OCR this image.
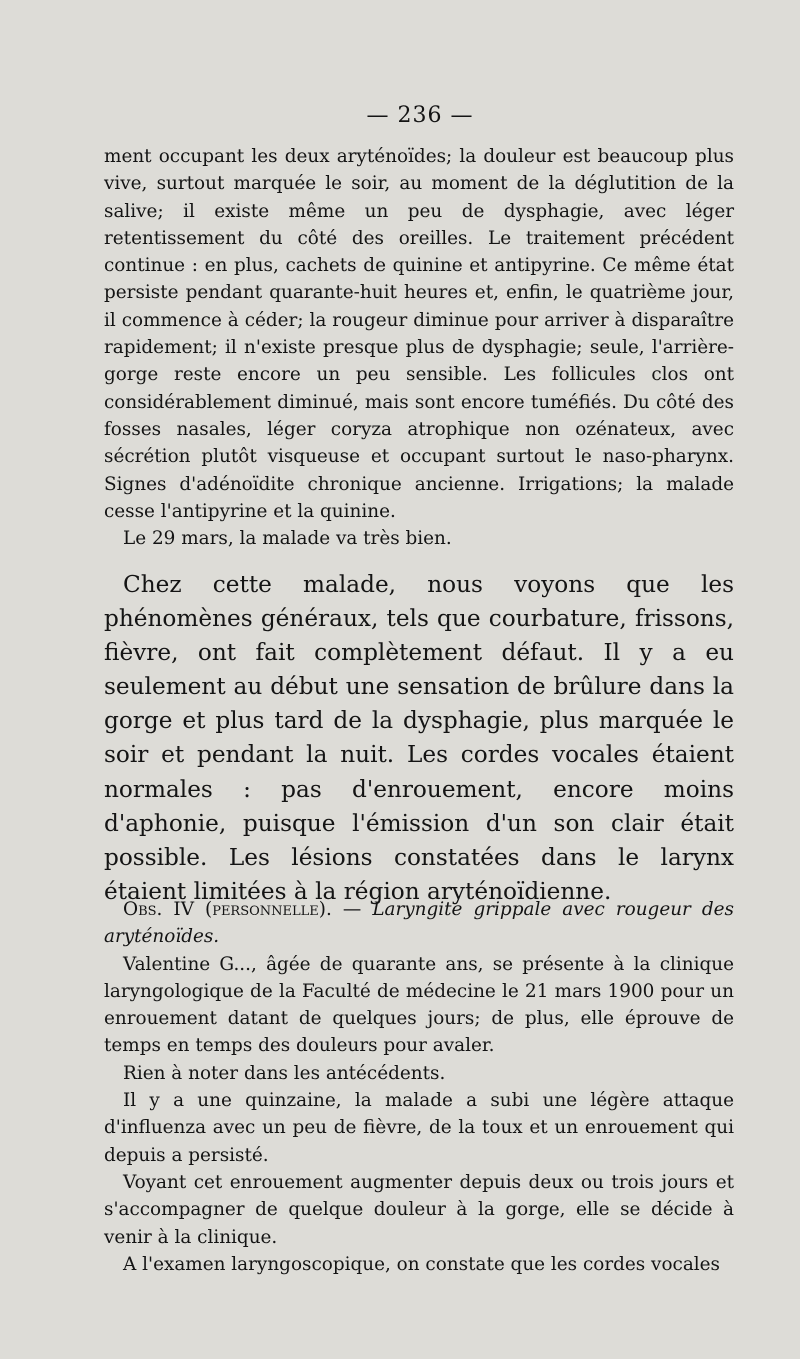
— 236 —

ment occupant les deux aryténoïdes; la douleur est beaucoup plus vive, surtout marquée le soir, au moment de la déglutition de la salive; il existe même un peu de dysphagie, avec léger retentissement du côté des oreilles. Le traitement précédent continue : en plus, cachets de quinine et antipyrine. Ce même état persiste pendant quarante-huit heures et, enfin, le quatrième jour, il commence à céder; la rougeur diminue pour arriver à disparaître rapidement; il n'existe presque plus de dysphagie; seule, l'arrière-gorge reste encore un peu sensible. Les follicules clos ont considérablement diminué, mais sont encore tuméfiés. Du côté des fosses nasales, léger coryza atrophique non ozénateux, avec sécrétion plutôt visqueuse et occupant surtout le naso-pharynx. Signes d'adénoïdite chronique ancienne. Irrigations; la malade cesse l'antipyrine et la quinine.

Le 29 mars, la malade va très bien.

Chez cette malade, nous voyons que les phénomènes généraux, tels que courbature, frissons, fièvre, ont fait complètement défaut. Il y a eu seulement au début une sensation de brûlure dans la gorge et plus tard de la dysphagie, plus marquée le soir et pendant la nuit. Les cordes vocales étaient normales : pas d'enrouement, encore moins d'aphonie, puisque l'émission d'un son clair était possible. Les lésions constatées dans le larynx étaient limitées à la région aryténoïdienne.

Obs. IV (personnelle). — Laryngite grippale avec rougeur des aryténoïdes.

Valentine G..., âgée de quarante ans, se présente à la clinique laryngologique de la Faculté de médecine le 21 mars 1900 pour un enrouement datant de quelques jours; de plus, elle éprouve de temps en temps des douleurs pour avaler.

Rien à noter dans les antécédents.

Il y a une quinzaine, la malade a subi une légère attaque d'influenza avec un peu de fièvre, de la toux et un enrouement qui depuis a persisté.

Voyant cet enrouement augmenter depuis deux ou trois jours et s'accompagner de quelque douleur à la gorge, elle se décide à venir à la clinique.

A l'examen laryngoscopique, on constate que les cordes vocales
